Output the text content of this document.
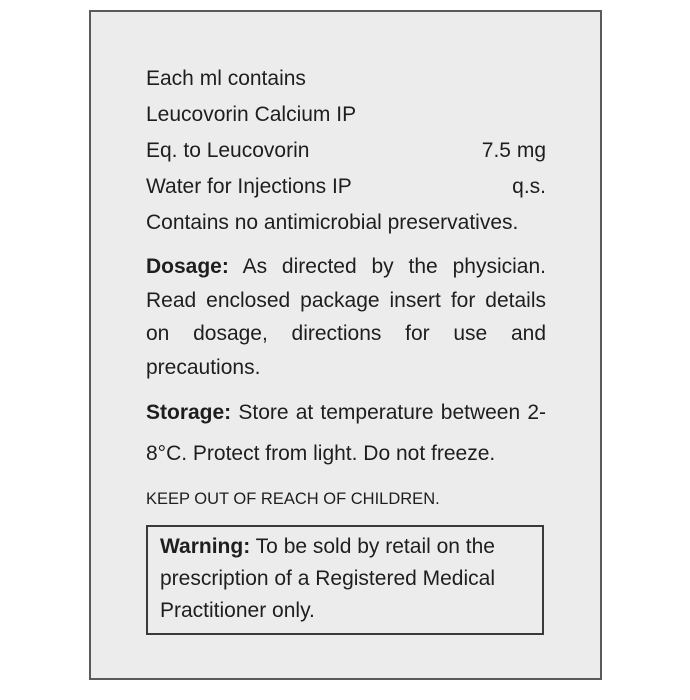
Each ml contains
Leucovorin Calcium IP
Eq. to Leucovorin	7.5 mg
Water for Injections IP	q.s.
Contains no antimicrobial preservatives.
Dosage: As directed by the physician. Read enclosed package insert for details on dosage, directions for use and precautions.
Storage: Store at temperature between 2-8°C. Protect from light. Do not freeze.
KEEP OUT OF REACH OF CHILDREN.
Warning: To be sold by retail on the prescription of a Registered Medical Practitioner only.
